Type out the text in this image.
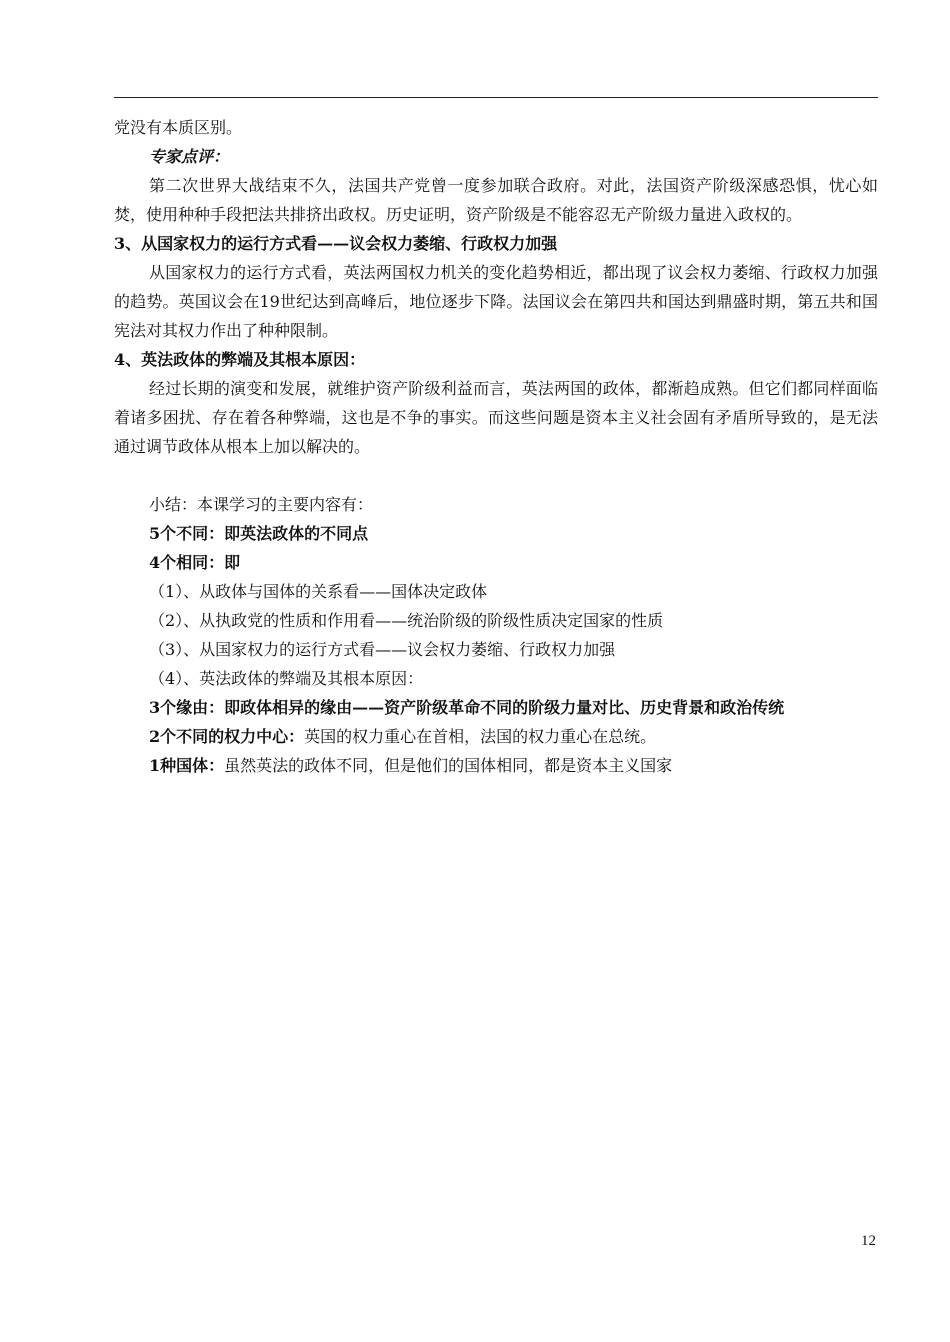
党没有本质区别。

专家点评：

第二次世界大战结束不久，法国共产党曾一度参加联合政府。对此，法国资产阶级深感恐惧，忧心如焚，使用种种手段把法共排挤出政权。历史证明，资产阶级是不能容忍无产阶级力量进入政权的。

3、从国家权力的运行方式看——议会权力萎缩、行政权力加强

从国家权力的运行方式看，英法两国权力机关的变化趋势相近，都出现了议会权力萎缩、行政权力加强的趋势。英国议会在19世纪达到高峰后，地位逐步下降。法国议会在第四共和国达到鼎盛时期，第五共和国宪法对其权力作出了种种限制。

4、英法政体的弊端及其根本原因：

经过长期的演变和发展，就维护资产阶级利益而言，英法两国的政体，都渐趋成熟。但它们都同样面临着诸多困扰、存在着各种弊端，这也是不争的事实。而这些问题是资本主义社会固有矛盾所导致的，是无法通过调节政体从根本上加以解决的。

小结：本课学习的主要内容有：

5个不同：即英法政体的不同点

4个相同：即

（1）、从政体与国体的关系看——国体决定政体

（2）、从执政党的性质和作用看——统治阶级的阶级性质决定国家的性质

（3）、从国家权力的运行方式看——议会权力萎缩、行政权力加强

（4）、英法政体的弊端及其根本原因：

3个缘由：即政体相异的缘由——资产阶级革命不同的阶级力量对比、历史背景和政治传统

2个不同的权力中心：英国的权力重心在首相，法国的权力重心在总统。

1种国体：虽然英法的政体不同，但是他们的国体相同，都是资本主义国家

12
